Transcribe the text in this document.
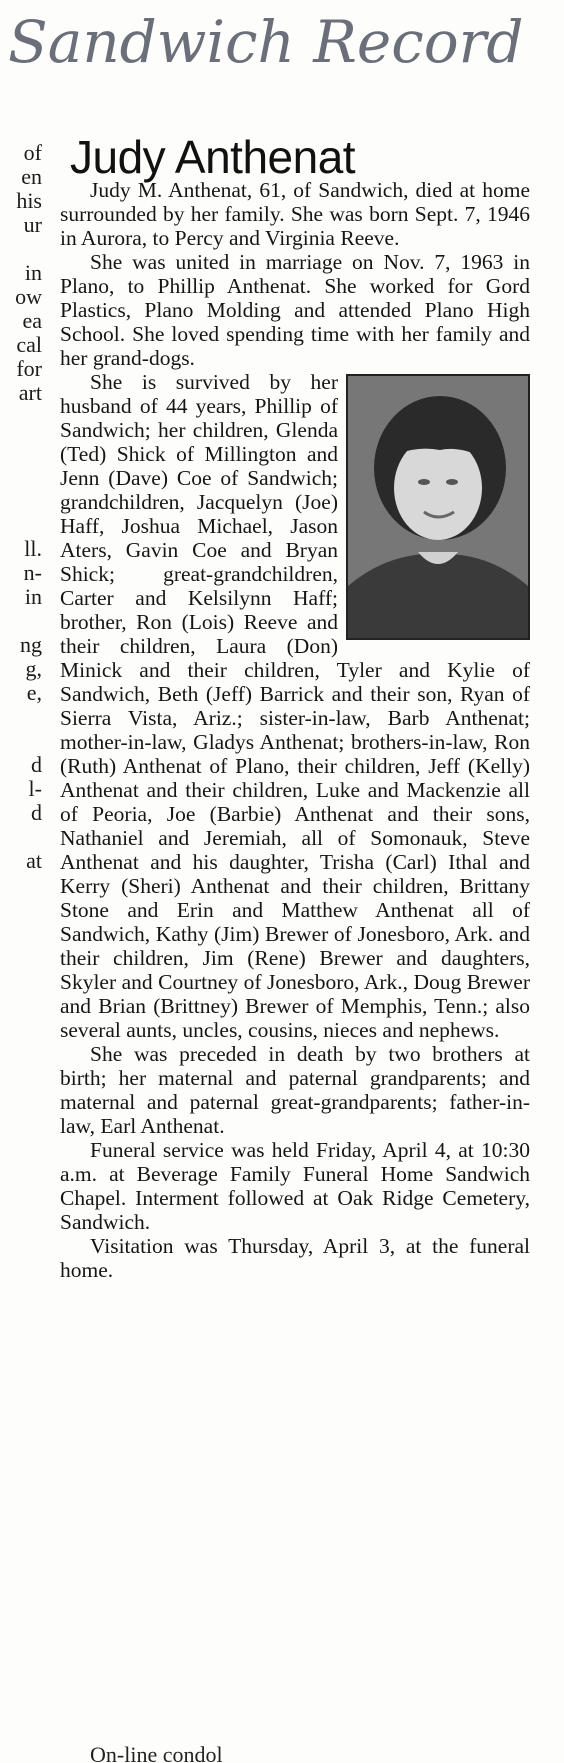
Sandwich Record
of
en
his
ur
in
ow
ea
cal
for
art
ll.
n-
in
ng
g,
e,
d
l-
d
at
Judy Anthenat

Judy M. Anthenat, 61, of Sandwich, died at home surrounded by her family. She was born Sept. 7, 1946 in Aurora, to Percy and Virginia Reeve.

She was united in marriage on Nov. 7, 1963 in Plano, to Phillip Anthenat. She worked for Gord Plastics, Plano Molding and attended Plano High School. She loved spending time with her family and her grand-dogs.

She is survived by her husband of 44 years, Phillip of Sandwich; her children, Glenda (Ted) Shick of Millington and Jenn (Dave) Coe of Sandwich; grandchildren, Jacquelyn (Joe) Haff, Joshua Michael, Jason Aters, Gavin Coe and Bryan Shick; great-grandchildren, Carter and Kelsilynn Haff; brother, Ron (Lois) Reeve and their children, Laura (Don) Minick and their children, Tyler and Kylie of Sandwich, Beth (Jeff) Barrick and their son, Ryan of Sierra Vista, Ariz.; sister-in-law, Barb Anthenat; mother-in-law, Gladys Anthenat; brothers-in-law, Ron (Ruth) Anthenat of Plano, their children, Jeff (Kelly) Anthenat and their children, Luke and Mackenzie all of Peoria, Joe (Barbie) Anthenat and their sons, Nathaniel and Jeremiah, all of Somonauk, Steve Anthenat and his daughter, Trisha (Carl) Ithal and Kerry (Sheri) Anthenat and their children, Brittany Stone and Erin and Matthew Anthenat all of Sandwich, Kathy (Jim) Brewer of Jonesboro, Ark. and their children, Jim (Rene) Brewer and daughters, Skyler and Courtney of Jonesboro, Ark., Doug Brewer and Brian (Brittney) Brewer of Memphis, Tenn.; also several aunts, uncles, cousins, nieces and nephews.

She was preceded in death by two brothers at birth; her maternal and paternal grandparents; and maternal and paternal great-grandparents; father-in-law, Earl Anthenat.

Funeral service was held Friday, April 4, at 10:30 a.m. at Beverage Family Funeral Home Sandwich Chapel. Interment followed at Oak Ridge Cemetery, Sandwich.

Visitation was Thursday, April 3, at the funeral home.

On-line condol
